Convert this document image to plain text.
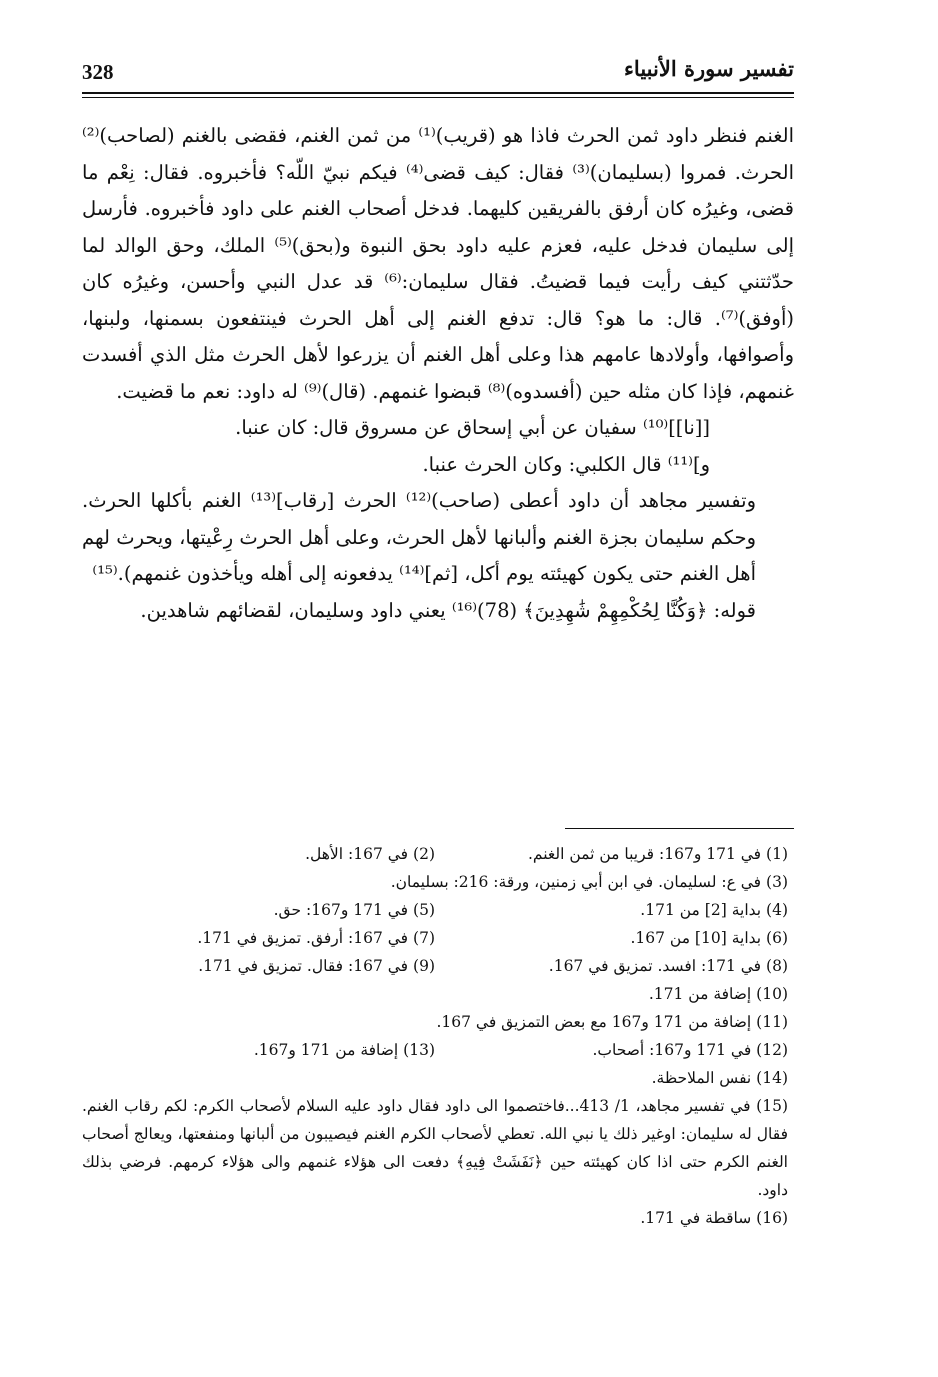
328	تفسير سورة الأنبياء

الغنم فنظر داود ثمن الحرث فاذا هو (قريب)⁽¹⁾ من ثمن الغنم، فقضى بالغنم (لصاحب)⁽²⁾ الحرث. فمروا (بسليمان)⁽³⁾ فقال: كيف قضى⁽⁴⁾ فيكم نبيّ اللّه؟ فأخبروه. فقال: نِعْم ما قضى، وغيرُه كان أرفق بالفريقين كليهما. فدخل أصحاب الغنم على داود فأخبروه. فأرسل إلى سليمان فدخل عليه، فعزم عليه داود بحق النبوة و(بحق)⁽⁵⁾ الملك، وحق الوالد لما حدّثتني كيف رأيت فيما قضيتُ. فقال سليمان:⁽⁶⁾ قد عدل النبي وأحسن، وغيرُه كان (أوفق)⁽⁷⁾. قال: ما هو؟ قال: تدفع الغنم إلى أهل الحرث فينتفعون بسمنها، ولبنها، وأصوافها، وأولادها عامهم هذا وعلى أهل الغنم أن يزرعوا لأهل الحرث مثل الذي أفسدت غنمهم، فإذا كان مثله حين (أفسدوه)⁽⁸⁾ قبضوا غنمهم. (قال)⁽⁹⁾ له داود: نعم ما قضيت.

[[نا]]⁽¹⁰⁾ سفيان عن أبي إسحاق عن مسروق قال: كان عنبا.

و]⁽¹¹⁾ قال الكلبي: وكان الحرث عنبا.

وتفسير مجاهد أن داود أعطى (صاحب)⁽¹²⁾ الحرث [رقاب]⁽¹³⁾ الغنم بأكلها الحرث. وحكم سليمان بجزة الغنم وألبانها لأهل الحرث، وعلى أهل الحرث رِعْيتها، ويحرث لهم أهل الغنم حتى يكون كهيئته يوم أكل، [ثم]⁽¹⁴⁾ يدفعونه إلى أهله ويأخذون غنمهم).⁽¹⁵⁾

قوله: ﴿وَكُنَّا لِحُكْمِهِمْ شَٰهِدِينَ﴾ (78)⁽¹⁶⁾ يعني داود وسليمان، لقضائهم شاهدين.

(1) في 171 و167: قريبا من ثمن الغنم.
(2) في 167: الأهل.
(3) في ع: لسليمان. في ابن أبي زمنين، ورقة: 216: بسليمان.
(4) بداية [2] من 171.
(5) في 171 و167: حق.
(6) بداية [10] من 167.
(7) في 167: أرفق. تمزيق في 171.
(8) في 171: افسد. تمزيق في 167.
(9) في 167: فقال. تمزيق في 171.
(10) إضافة من 171.
(11) إضافة من 171 و167 مع بعض التمزيق في 167.
(12) في 171 و167: أصحاب.
(13) إضافة من 171 و167.
(14) نفس الملاحظة.
(15) في تفسير مجاهد، 1/ 413...فاختصموا الى داود فقال داود عليه السلام لأصحاب الكرم: لكم رقاب الغنم. فقال له سليمان: اوغير ذلك يا نبي الله. تعطي لأصحاب الكرم الغنم فيصيبون من ألبانها ومنفعتها، ويعالج أصحاب الغنم الكرم حتى اذا كان كهيئته حين ﴿نَفَشَتْ فِيهِ﴾ دفعت الى هؤلاء غنمهم والى هؤلاء كرمهم. فرضي بذلك داود.
(16) ساقطة في 171.
